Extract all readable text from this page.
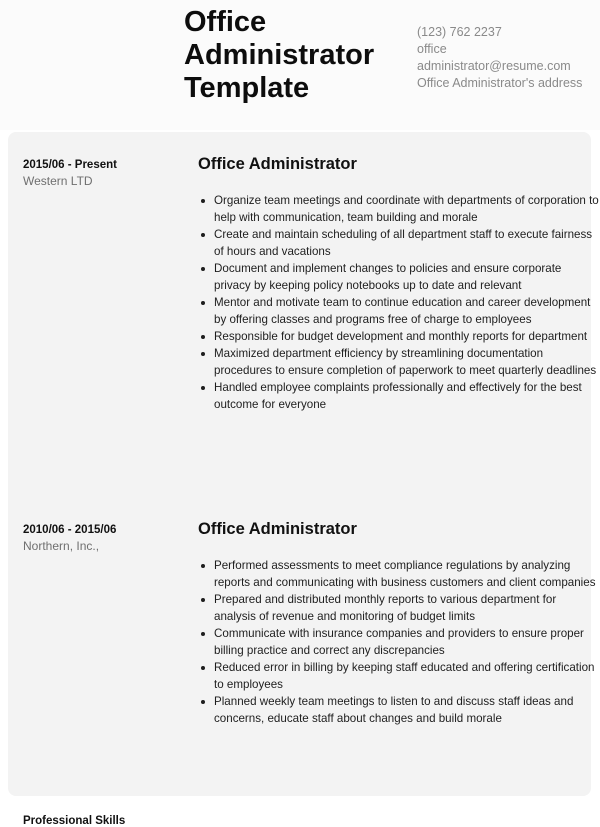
Office Administrator Template
(123) 762 2237
office
administrator@resume.com
Office Administrator's address
2015/06 - Present
Western LTD
Office Administrator
Organize team meetings and coordinate with departments of corporation to help with communication, team building and morale
Create and maintain scheduling of all department staff to execute fairness of hours and vacations
Document and implement changes to policies and ensure corporate privacy by keeping policy notebooks up to date and relevant
Mentor and motivate team to continue education and career development by offering classes and programs free of charge to employees
Responsible for budget development and monthly reports for department
Maximized department efficiency by streamlining documentation procedures to ensure completion of paperwork to meet quarterly deadlines
Handled employee complaints professionally and effectively for the best outcome for everyone
2010/06 - 2015/06
Northern, Inc.,
Office Administrator
Performed assessments to meet compliance regulations by analyzing reports and communicating with business customers and client companies
Prepared and distributed monthly reports to various department for analysis of revenue and monitoring of budget limits
Communicate with insurance companies and providers to ensure proper billing practice and correct any discrepancies
Reduced error in billing by keeping staff educated and offering certification to employees
Planned weekly team meetings to listen to and discuss staff ideas and concerns, educate staff about changes and build morale
Professional Skills
